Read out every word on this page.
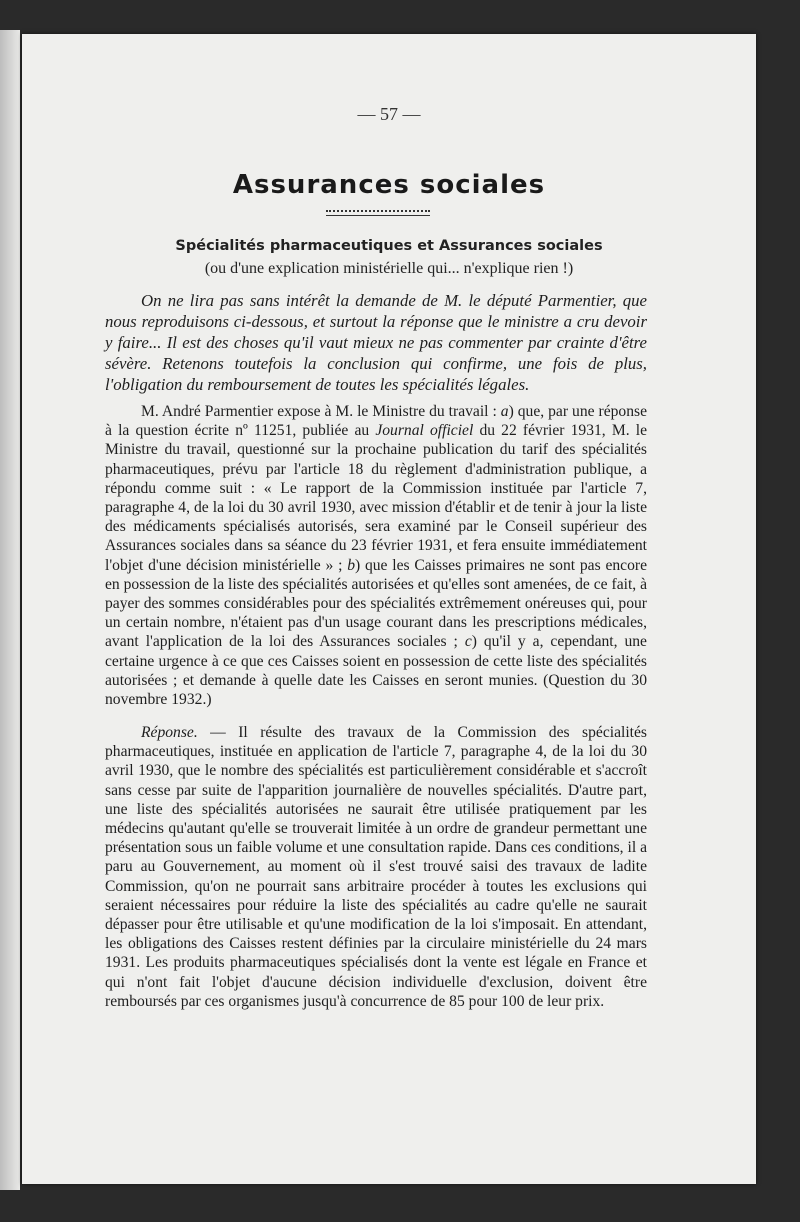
— 57 —
Assurances sociales
Spécialités pharmaceutiques et Assurances sociales
(ou d'une explication ministérielle qui... n'explique rien !)

On ne lira pas sans intérêt la demande de M. le député Parmentier, que nous reproduisons ci-dessous, et surtout la réponse que le ministre a cru devoir y faire... Il est des choses qu'il vaut mieux ne pas commenter par crainte d'être sévère. Retenons toutefois la conclusion qui confirme, une fois de plus, l'obligation du remboursement de toutes les spécialités légales.

M. André Parmentier expose à M. le Ministre du travail : a) que, par une réponse à la question écrite nº 11251, publiée au Journal officiel du 22 février 1931, M. le Ministre du travail, questionné sur la prochaine publication du tarif des spécialités pharmaceutiques, prévu par l'article 18 du règlement d'administration publique, a répondu comme suit : « Le rapport de la Commission instituée par l'article 7, paragraphe 4, de la loi du 30 avril 1930, avec mission d'établir et de tenir à jour la liste des médicaments spécialisés autorisés, sera examiné par le Conseil supérieur des Assurances sociales dans sa séance du 23 février 1931, et fera ensuite immédiatement l'objet d'une décision ministérielle » ; b) que les Caisses primaires ne sont pas encore en possession de la liste des spécialités autorisées et qu'elles sont amenées, de ce fait, à payer des sommes considérables pour des spécialités extrêmement onéreuses qui, pour un certain nombre, n'étaient pas d'un usage courant dans les prescriptions médicales, avant l'application de la loi des Assurances sociales ; c) qu'il y a, cependant, une certaine urgence à ce que ces Caisses soient en possession de cette liste des spécialités autorisées ; et demande à quelle date les Caisses en seront munies. (Question du 30 novembre 1932.)

Réponse. — Il résulte des travaux de la Commission des spécialités pharmaceutiques, instituée en application de l'article 7, paragraphe 4, de la loi du 30 avril 1930, que le nombre des spécialités est particulièrement considérable et s'accroît sans cesse par suite de l'apparition journalière de nouvelles spécialités. D'autre part, une liste des spécialités autorisées ne saurait être utilisée pratiquement par les médecins qu'autant qu'elle se trouverait limitée à un ordre de grandeur permettant une présentation sous un faible volume et une consultation rapide. Dans ces conditions, il a paru au Gouvernement, au moment où il s'est trouvé saisi des travaux de ladite Commission, qu'on ne pourrait sans arbitraire procéder à toutes les exclusions qui seraient nécessaires pour réduire la liste des spécialités au cadre qu'elle ne saurait dépasser pour être utilisable et qu'une modification de la loi s'imposait. En attendant, les obligations des Caisses restent définies par la circulaire ministérielle du 24 mars 1931. Les produits pharmaceutiques spécialisés dont la vente est légale en France et qui n'ont fait l'objet d'aucune décision individuelle d'exclusion, doivent être remboursés par ces organismes jusqu'à concurrence de 85 pour 100 de leur prix.
